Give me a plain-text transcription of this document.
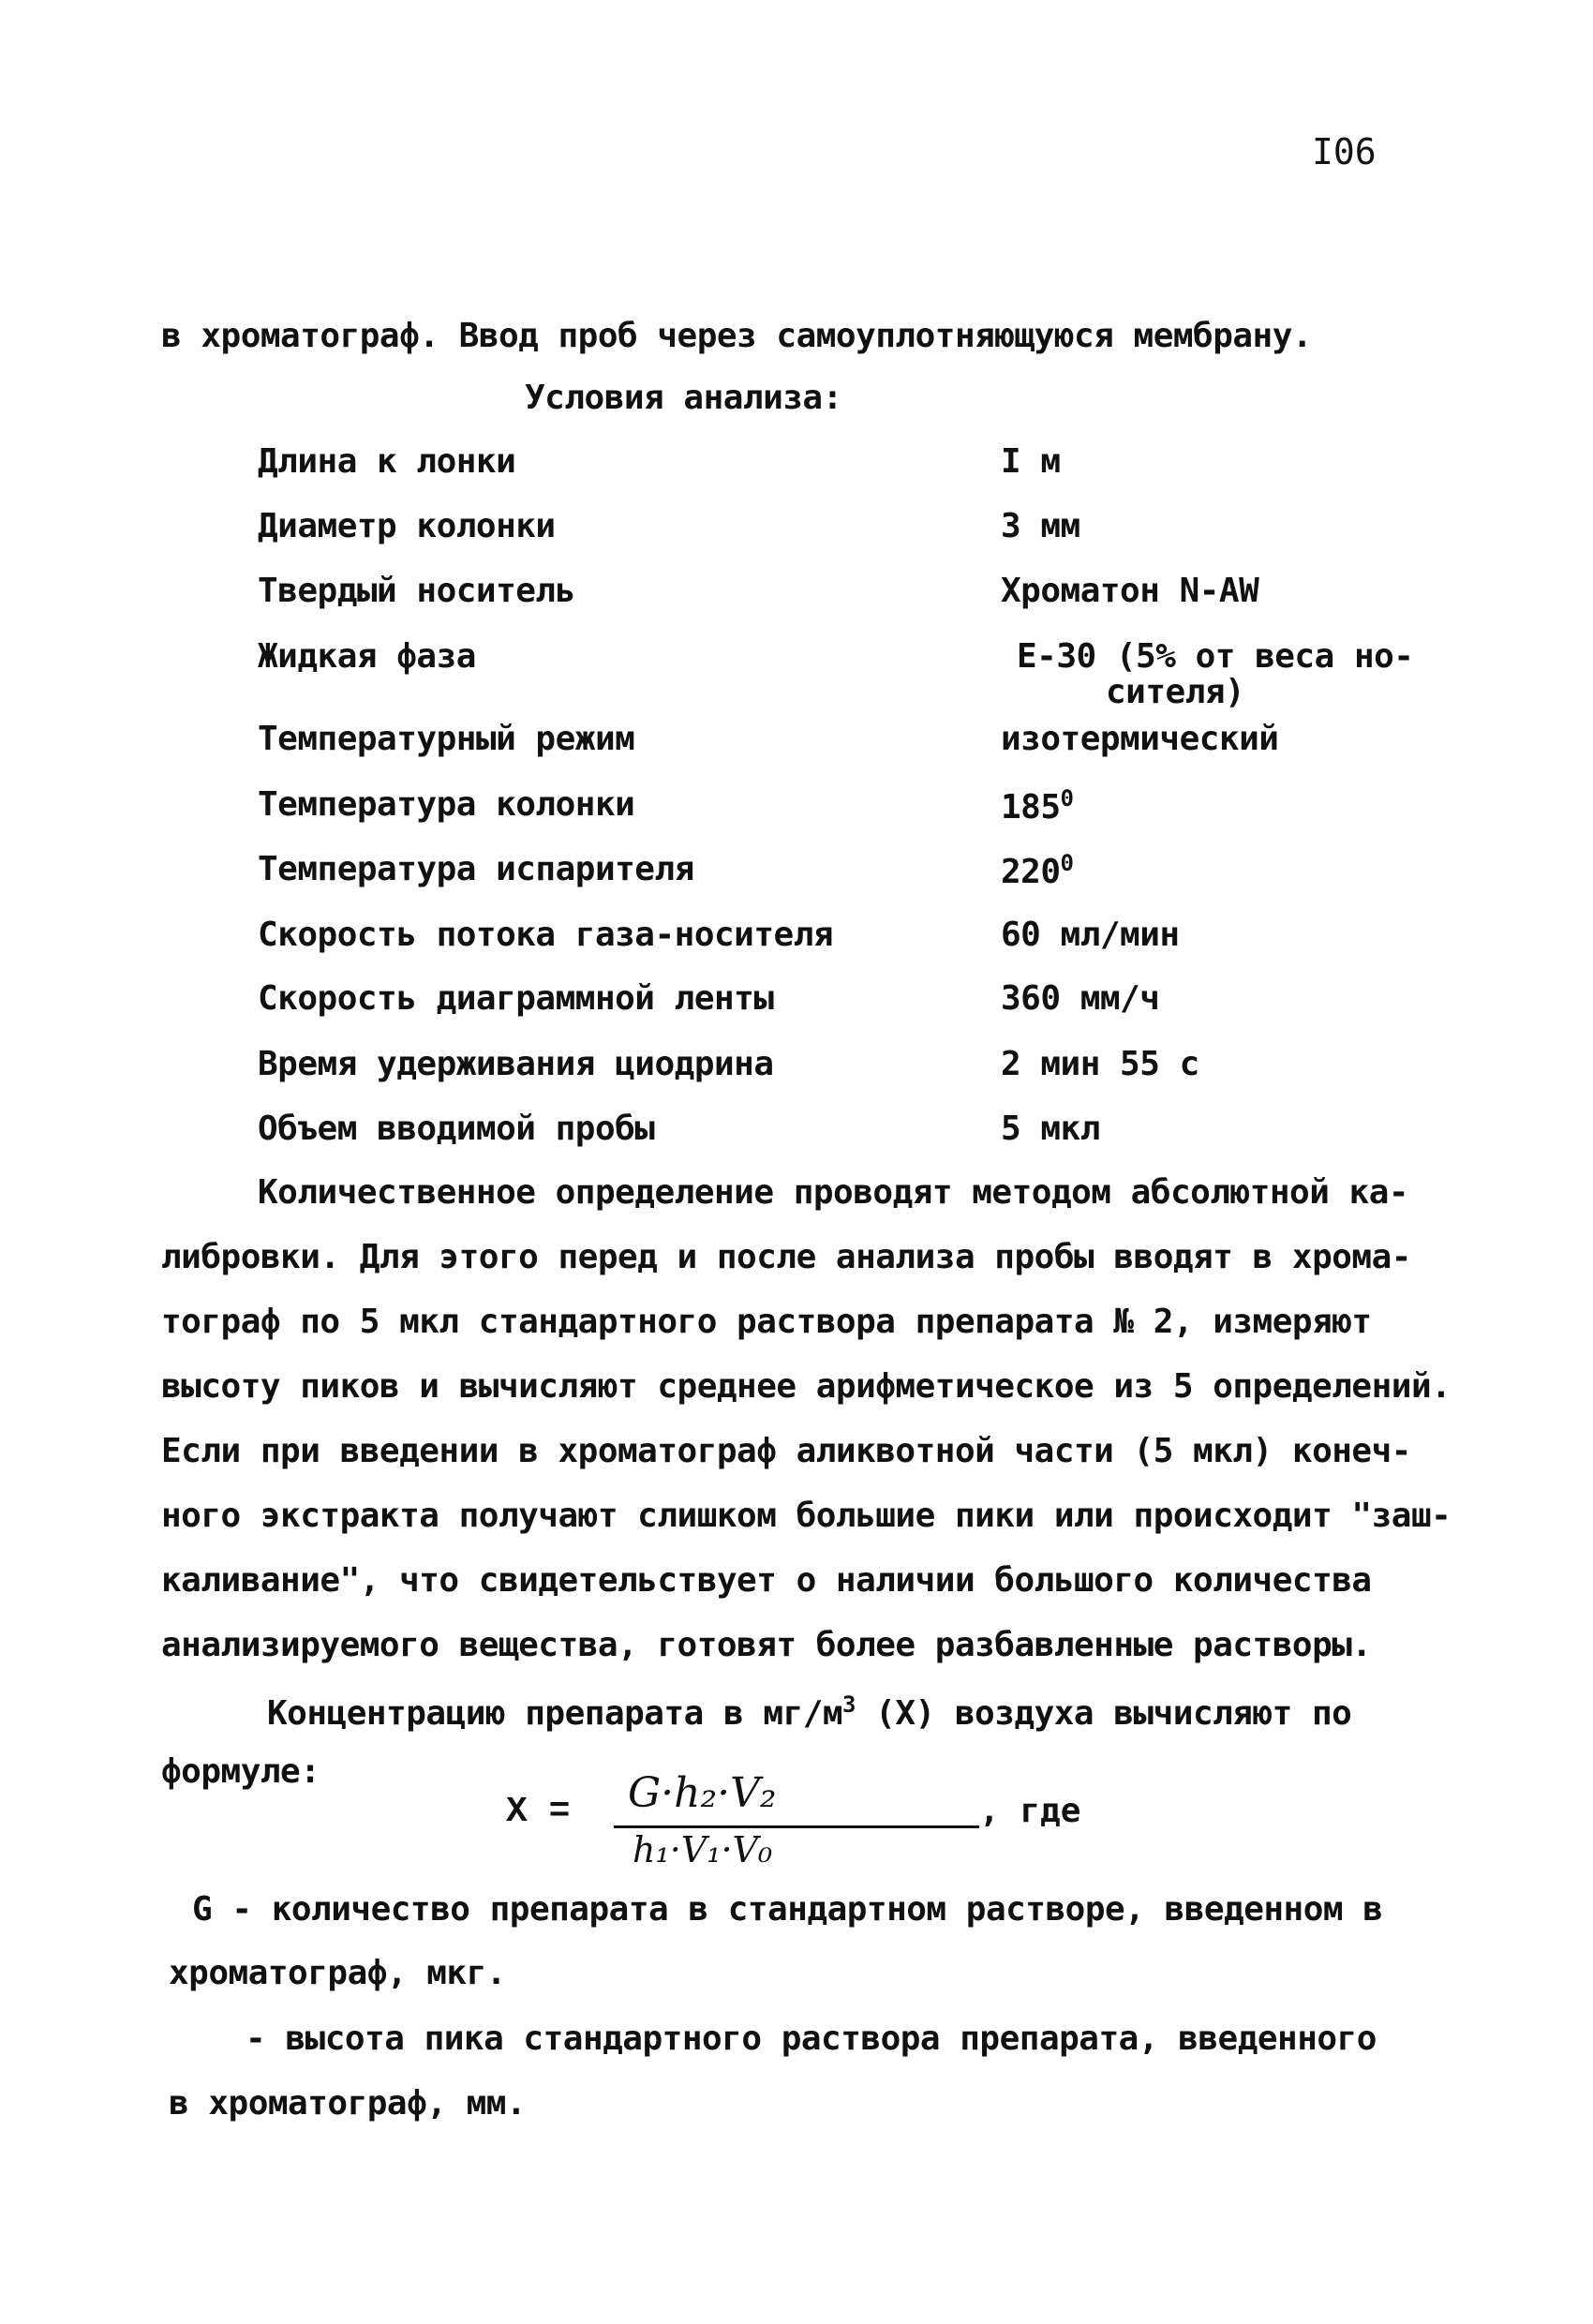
I06
в хроматограф. Ввод проб через самоуплотняющуюся мембрану.
Условия анализа:
Длина к лонки	I м
Диаметр колонки	3 мм
Твердый носитель	Хроматон N-AW
Жидкая фаза	Е-30 (5% от веса но-
сителя)
Температурный режим	изотермический
Температура колонки	$185^0$
Температура испарителя	$220^0$
Скорость потока газа-носителя	60 мл/мин
Скорость диаграммной ленты	360 мм/ч
Время удерживания циодрина	2 мин 55 с
Объем вводимой пробы	5 мкл
Количественное определение проводят методом абсолютной ка-
либровки. Для этого перед и после анализа пробы вводят в хрома-
тограф по 5 мкл стандартного раствора препарата № 2, измеряют
высоту пиков и вычисляют среднее арифметическое из 5 определений.
Если при введении в хроматограф аликвотной части (5 мкл) конеч-
ного экстракта получают слишком большие пики или происходит "заш-
каливание", что свидетельствует о наличии большого количества
анализируемого вещества, готовят более разбавленные растворы.
Концентрацию препарата в $мг/м^3$ (X) воздуха вычисляют по
формуле:
X = G·h₂·V₂
h₁·V₁·V₀
, где
G - количество препарата в стандартном растворе, введенном в
хроматограф, мкг.
- высота пика стандартного раствора препарата, введенного
в хроматограф, мм.
